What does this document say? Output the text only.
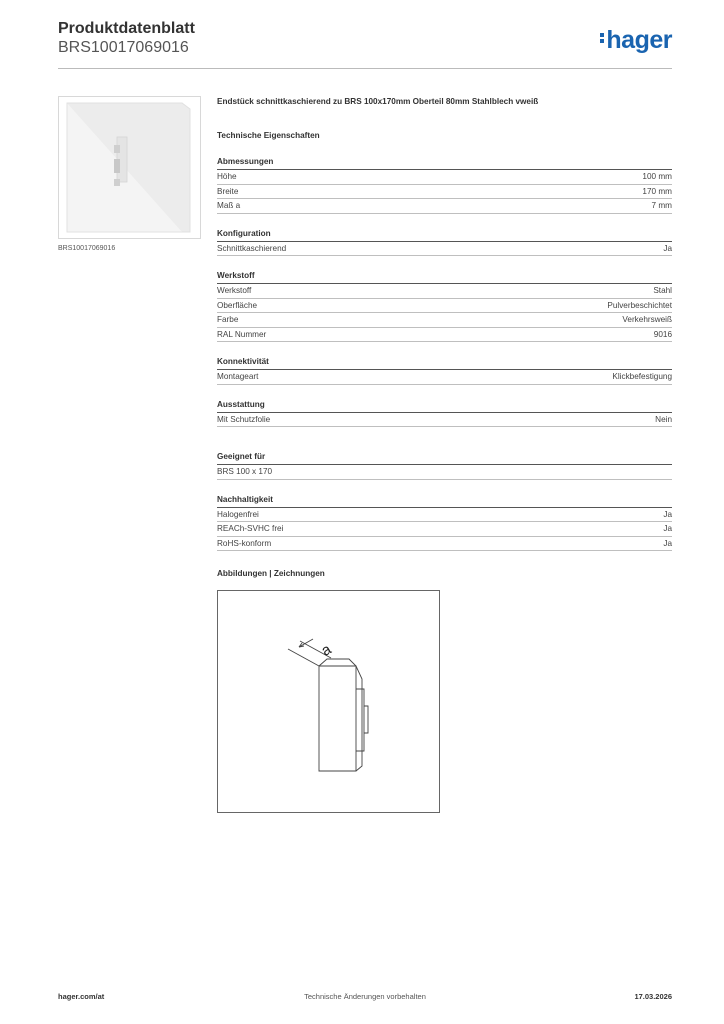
Produktdatenblatt
BRS10017069016	hager
BRS10017069016

Endstück schnittkaschierend zu BRS 100x170mm Oberteil 80mm Stahlblech vweiß

Technische Eigenschaften
Abmessungen
Höhe	100 mm
Breite	170 mm
Maß a	7 mm
Konfiguration
Schnittkaschierend	Ja
Werkstoff
Werkstoff	Stahl
Oberfläche	Pulverbeschichtet
Farbe	Verkehrsweiß
RAL Nummer	9016
Konnektivität
Montageart	Klickbefestigung
Ausstattung
Mit Schutzfolie	Nein
Geeignet für
BRS 100 x 170
Nachhaltigkeit
Halogenfrei	Ja
REACh-SVHC frei	Ja
RoHS-konform	Ja
Abbildungen | Zeichnungen
a
hager.com/at	Technische Änderungen vorbehalten	17.03.2026
